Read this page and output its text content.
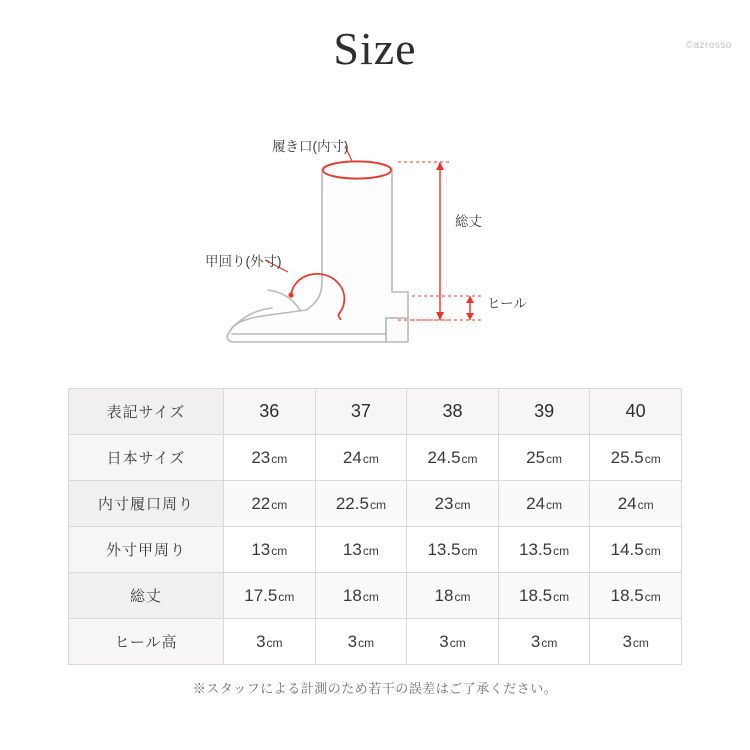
Size	©azrosso
履き口(内寸)
甲回り(外寸)
総丈
ヒール
表記サイズ	36	37	38	39	40
日本サイズ	23cm	24cm	24.5cm	25cm	25.5cm
内寸履口周り	22cm	22.5cm	23cm	24cm	24cm
外寸甲周り	13cm	13cm	13.5cm	13.5cm	14.5cm
総丈	17.5cm	18cm	18cm	18.5cm	18.5cm
ヒール高	3cm	3cm	3cm	3cm	3cm
※スタッフによる計測のため若干の誤差はご了承ください。
